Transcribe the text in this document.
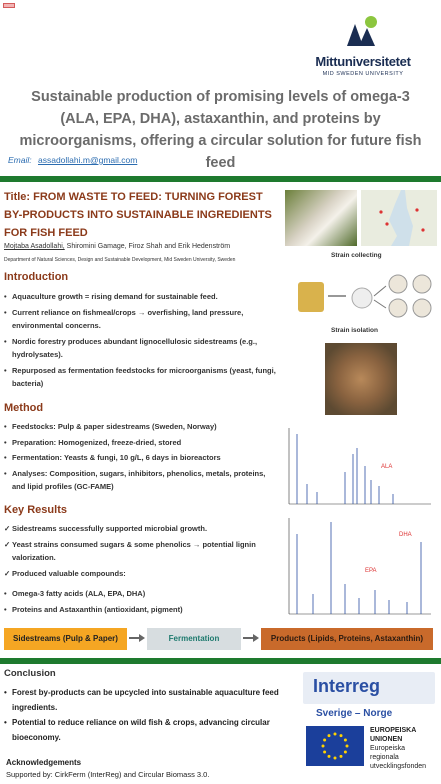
Mittuniversitetet
MID SWEDEN UNIVERSITY
Sustainable production of promising levels of omega-3 (ALA, EPA, DHA), astaxanthin, and proteins by microorganisms, offering a circular solution for future fish feed
Email: assadollahi.m@gmail.com
Title: FROM WASTE TO FEED: TURNING FOREST BY-PRODUCTS INTO SUSTAINABLE INGREDIENTS FOR FISH FEED
Mojtaba Asadollahi, Shiromini Gamage, Firoz Shah and Erik Hedenström
Department of Natural Sciences, Design and Sustainable Development, Mid Sweden University, Sweden
Introduction
• Aquaculture growth = rising demand for sustainable feed.
• Current reliance on fishmeal/crops → overfishing, land pressure, environmental concerns.
• Nordic forestry produces abundant lignocellulosic sidestreams (e.g., hydrolysates).
• Repurposed as fermentation feedstocks for microorganisms (yeast, fungi, bacteria)
Method
• Feedstocks: Pulp & paper sidestreams (Sweden, Norway)
• Preparation: Homogenized, freeze-dried, stored
• Fermentation: Yeasts & fungi, 10 g/L, 6 days in bioreactors
• Analyses: Composition, sugars, inhibitors, phenolics, metals, proteins, and lipid profiles (GC-FAME)
Key Results
✓ Sidestreams successfully supported microbial growth.
✓ Yeast strains consumed sugars & some phenolics → potential lignin valorization.
✓ Produced valuable compounds:
• Omega-3 fatty acids (ALA, EPA, DHA)
• Proteins and Astaxanthin (antioxidant, pigment)
Strain collecting
Strain isolation
ALA
DHA
EPA
Sidestreams (Pulp & Paper)	Fermentation	Products (Lipids, Proteins, Astaxanthin)
Conclusion
• Forest by-products can be upcycled into sustainable aquaculture feed ingredients.
• Potential to reduce reliance on wild fish & crops, advancing circular bioeconomy.
Acknowledgements
Supported by: CirkFerm (InterReg) and Circular Biomass 3.0.
Interreg
Sverige – Norge
EUROPEISKA
UNIONEN
Europeiska
regionala
utvecklingsfonden
